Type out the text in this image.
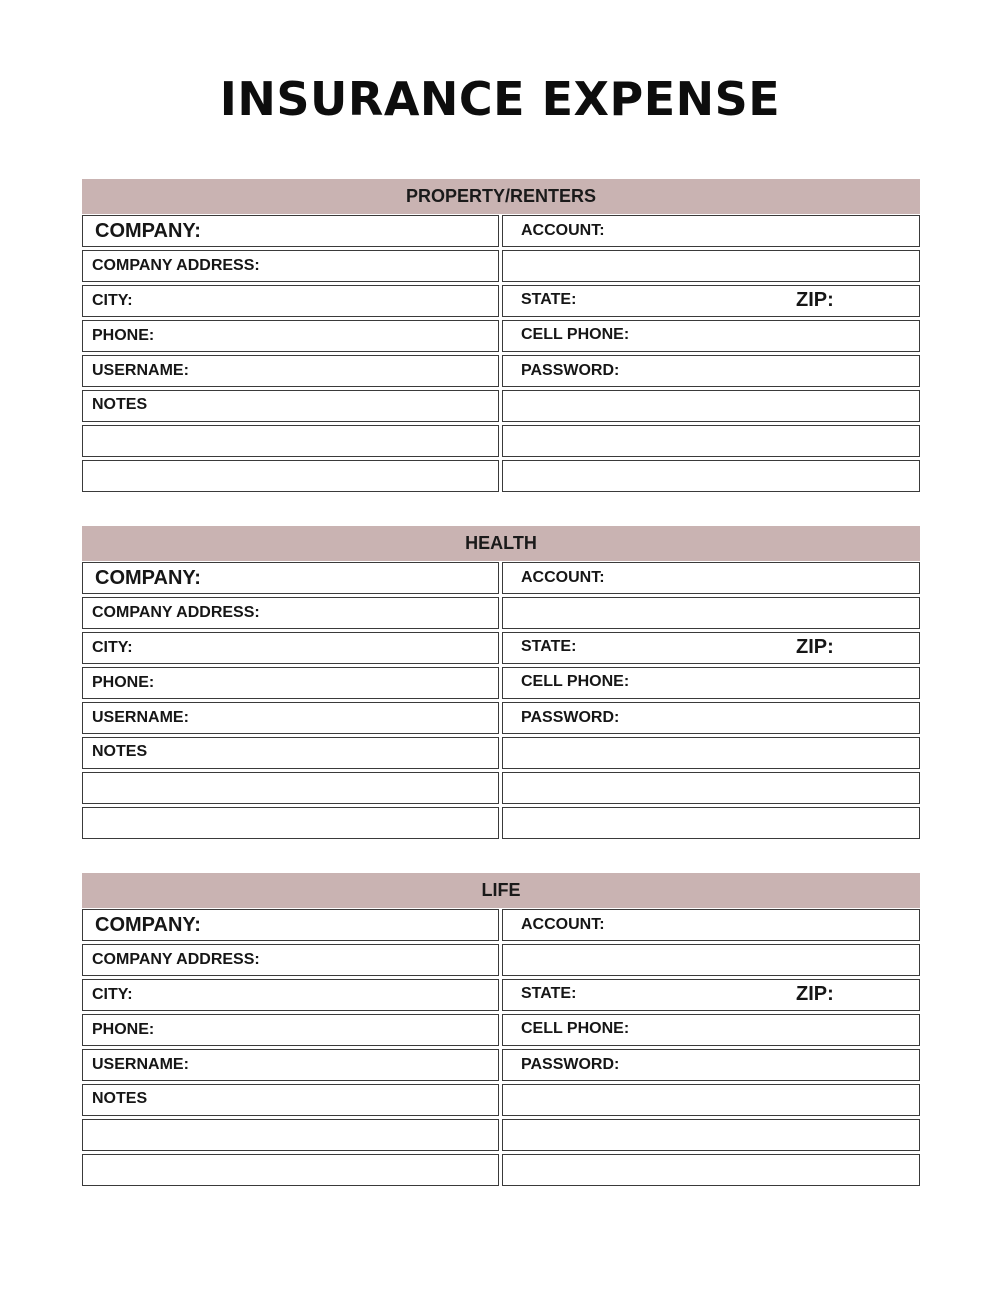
INSURANCE EXPENSE
PROPERTY/RENTERS
COMPANY:	ACCOUNT:
COMPANY ADDRESS:
CITY:	STATE:	ZIP:
PHONE:	CELL PHONE:
USERNAME:	PASSWORD:
NOTES
HEALTH
COMPANY:	ACCOUNT:
COMPANY ADDRESS:
CITY:	STATE:	ZIP:
PHONE:	CELL PHONE:
USERNAME:	PASSWORD:
NOTES
LIFE
COMPANY:	ACCOUNT:
COMPANY ADDRESS:
CITY:	STATE:	ZIP:
PHONE:	CELL PHONE:
USERNAME:	PASSWORD:
NOTES
